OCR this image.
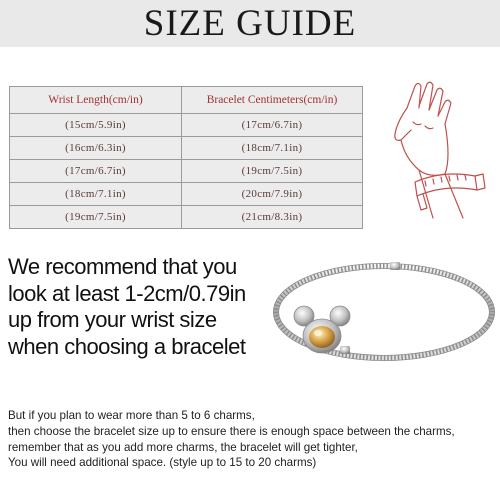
SIZE GUIDE
Wrist Length(cm/in)	Bracelet Centimeters(cm/in)
(15cm/5.9in)	(17cm/6.7in)
(16cm/6.3in)	(18cm/7.1in)
(17cm/6.7in)	(19cm/7.5in)
(18cm/7.1in)	(20cm/7.9in)
(19cm/7.5in)	(21cm/8.3in)
We recommend that you
look at least 1-2cm/0.79in
up from your wrist size
when choosing a bracelet
But if you plan to wear more than 5 to 6 charms,
then choose the bracelet size up to ensure there is enough space between the charms,
remember that as you add more charms, the bracelet will get tighter,
You will need additional space. (style up to 15 to 20 charms)
